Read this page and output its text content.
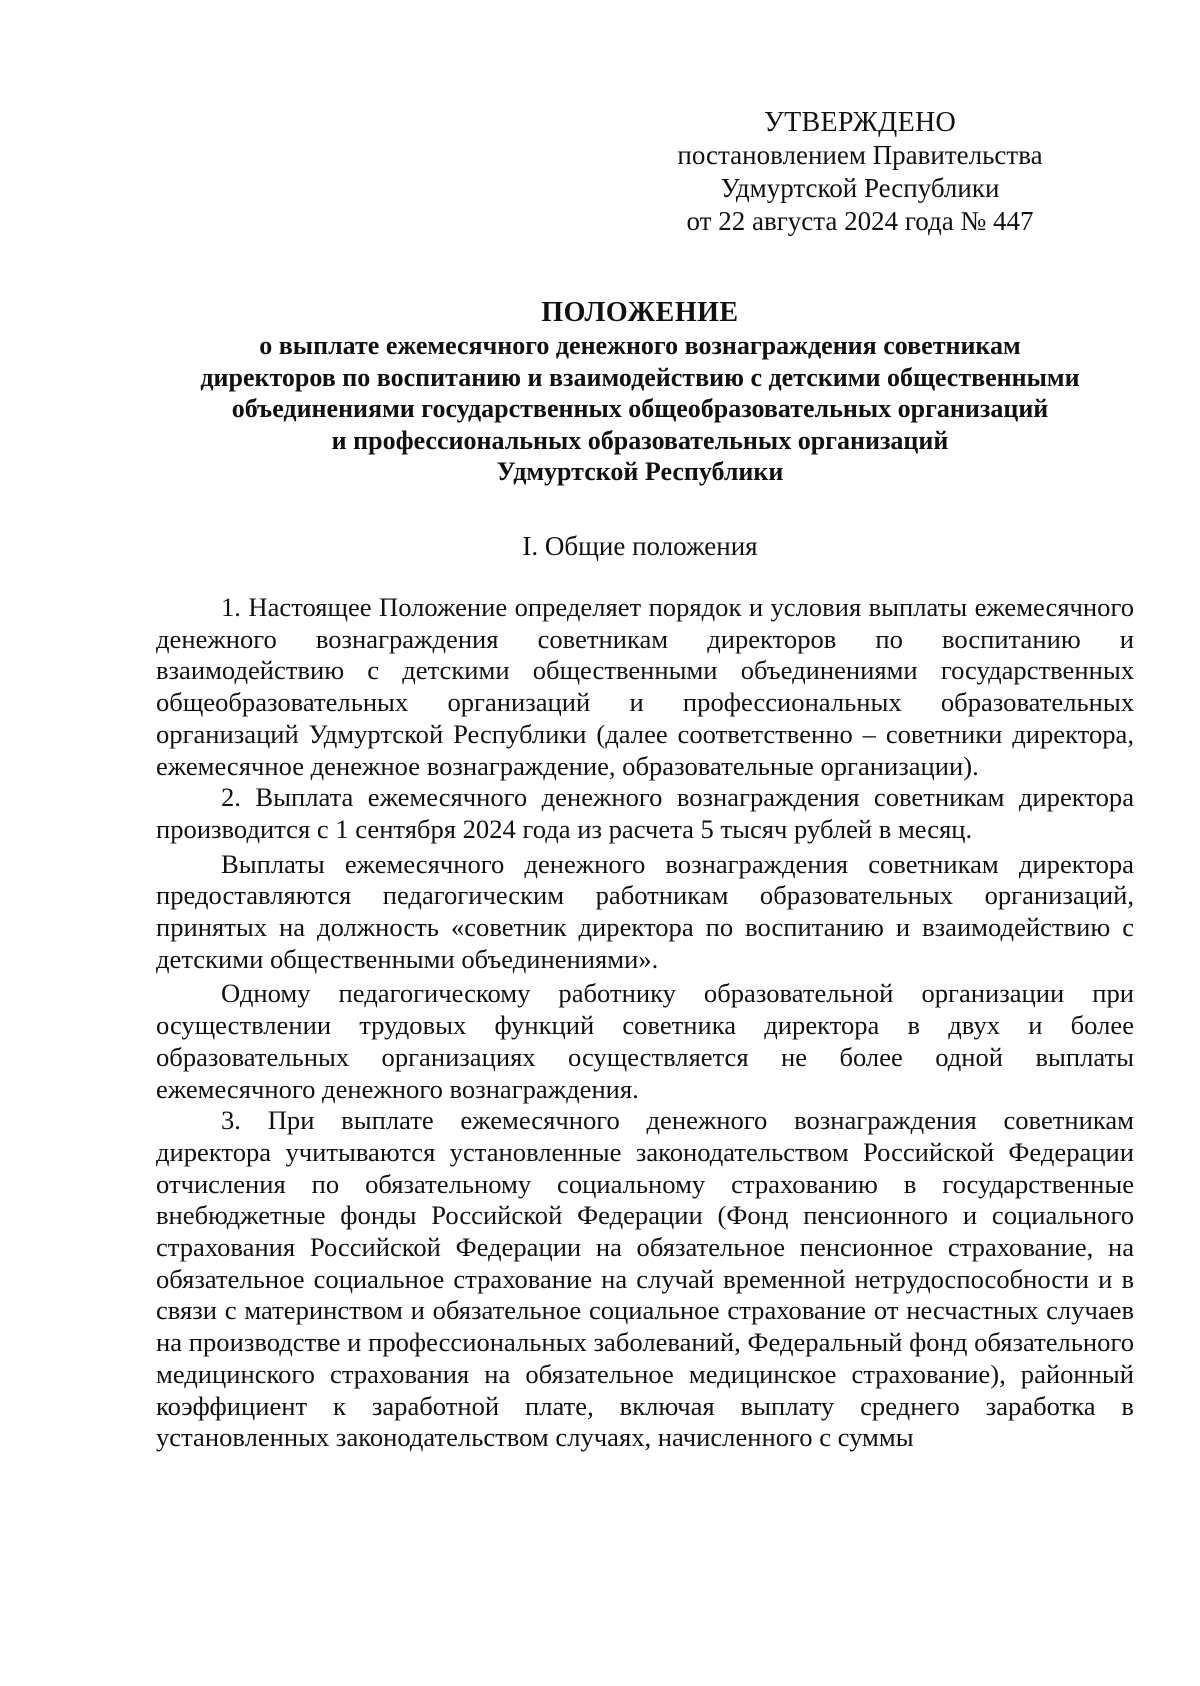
УТВЕРЖДЕНО
постановлением Правительства
Удмуртской Республики
от 22 августа 2024 года № 447
ПОЛОЖЕНИЕ
о выплате ежемесячного денежного вознаграждения советникам
директоров по воспитанию и взаимодействию с детскими общественными
объединениями государственных общеобразовательных организаций
и профессиональных образовательных организаций
Удмуртской Республики
I. Общие положения

1. Настоящее Положение определяет порядок и условия выплаты ежемесячного денежного вознаграждения советникам директоров по воспитанию и взаимодействию с детскими общественными объединениями государственных общеобразовательных организаций и профессиональных образовательных организаций Удмуртской Республики (далее соответственно – советники директора, ежемесячное денежное вознаграждение, образовательные организации).

2. Выплата ежемесячного денежного вознаграждения советникам директора производится с 1 сентября 2024 года из расчета 5 тысяч рублей в месяц.

Выплаты ежемесячного денежного вознаграждения советникам директора предоставляются педагогическим работникам образовательных организаций, принятых на должность «советник директора по воспитанию и взаимодействию с детскими общественными объединениями».

Одному педагогическому работнику образовательной организации при осуществлении трудовых функций советника директора в двух и более образовательных организациях осуществляется не более одной выплаты ежемесячного денежного вознаграждения.

3. При выплате ежемесячного денежного вознаграждения советникам директора учитываются установленные законодательством Российской Федерации отчисления по обязательному социальному страхованию в государственные внебюджетные фонды Российской Федерации (Фонд пенсионного и социального страхования Российской Федерации на обязательное пенсионное страхование, на обязательное социальное страхование на случай временной нетрудоспособности и в связи с материнством и обязательное социальное страхование от несчастных случаев на производстве и профессиональных заболеваний, Федеральный фонд обязательного медицинского страхования на обязательное медицинское страхование), районный коэффициент к заработной плате, включая выплату среднего заработка в установленных законодательством случаях, начисленного с суммы
